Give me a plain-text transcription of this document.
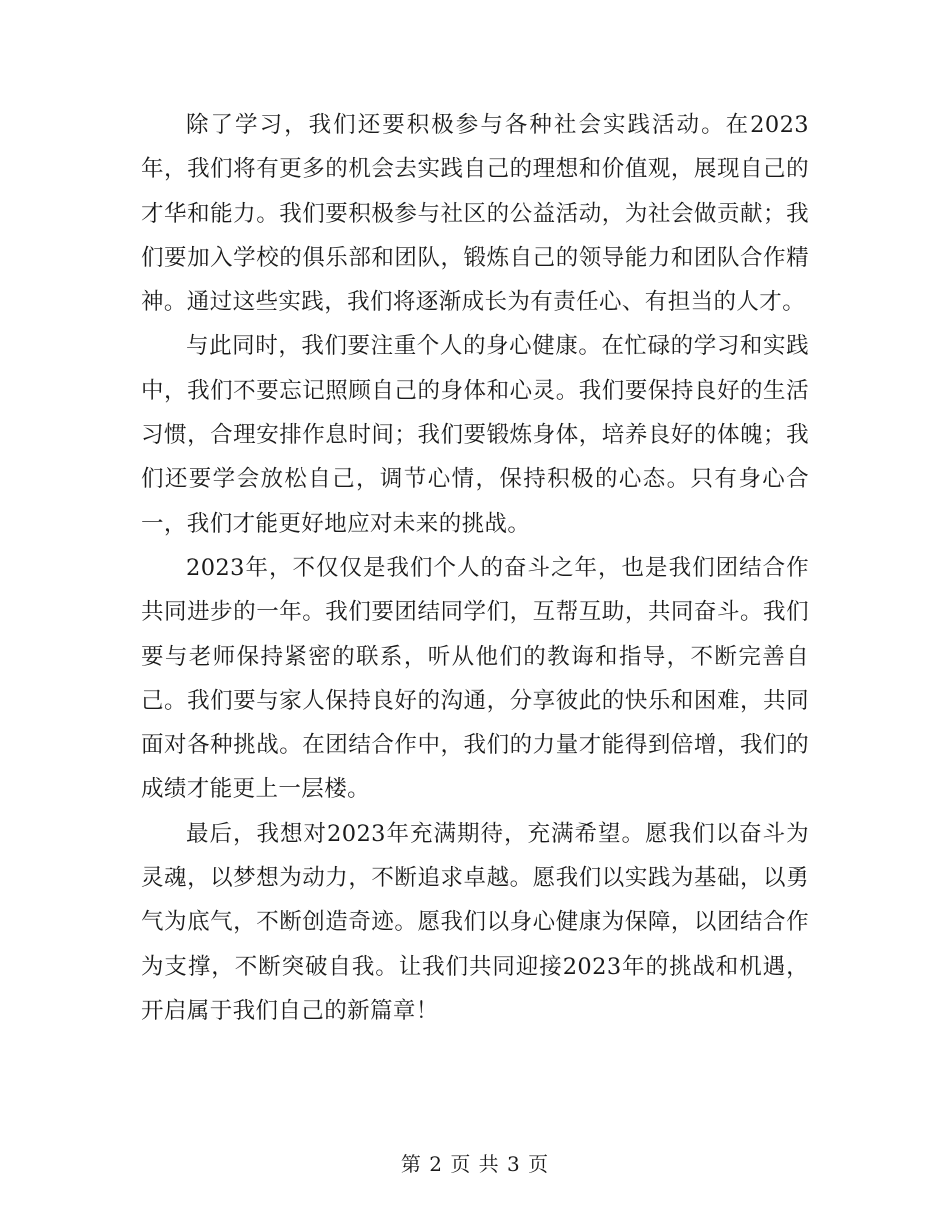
除了学习，我们还要积极参与各种社会实践活动。在2023年，我们将有更多的机会去实践自己的理想和价值观，展现自己的才华和能力。我们要积极参与社区的公益活动，为社会做贡献；我们要加入学校的俱乐部和团队，锻炼自己的领导能力和团队合作精神。通过这些实践，我们将逐渐成长为有责任心、有担当的人才。

与此同时，我们要注重个人的身心健康。在忙碌的学习和实践中，我们不要忘记照顾自己的身体和心灵。我们要保持良好的生活习惯，合理安排作息时间；我们要锻炼身体，培养良好的体魄；我们还要学会放松自己，调节心情，保持积极的心态。只有身心合一，我们才能更好地应对未来的挑战。

2023年，不仅仅是我们个人的奋斗之年，也是我们团结合作共同进步的一年。我们要团结同学们，互帮互助，共同奋斗。我们要与老师保持紧密的联系，听从他们的教诲和指导，不断完善自己。我们要与家人保持良好的沟通，分享彼此的快乐和困难，共同面对各种挑战。在团结合作中，我们的力量才能得到倍增，我们的成绩才能更上一层楼。

最后，我想对2023年充满期待，充满希望。愿我们以奋斗为灵魂，以梦想为动力，不断追求卓越。愿我们以实践为基础，以勇气为底气，不断创造奇迹。愿我们以身心健康为保障，以团结合作为支撑，不断突破自我。让我们共同迎接2023年的挑战和机遇，开启属于我们自己的新篇章！

第 2 页 共 3 页
